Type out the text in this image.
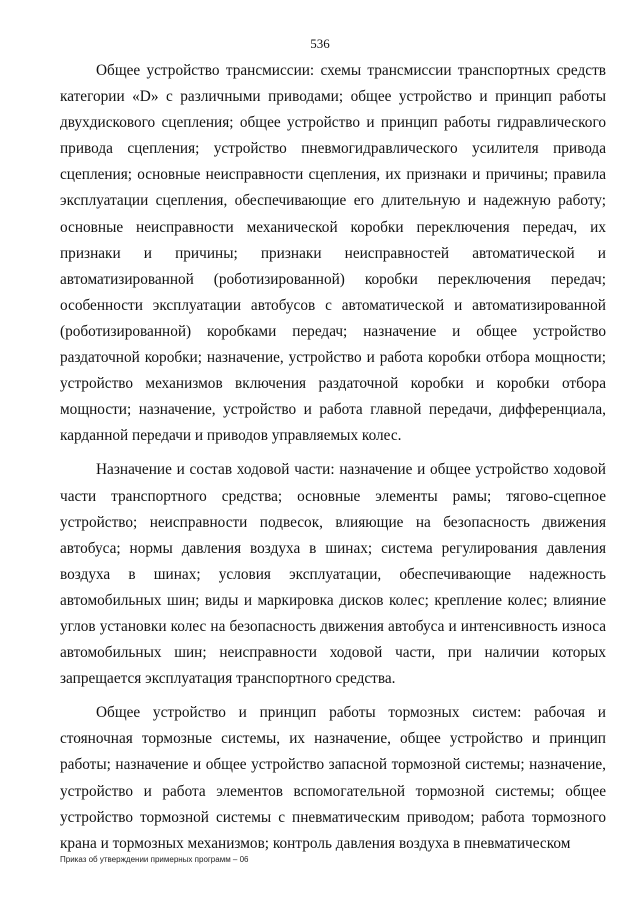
536

Общее устройство трансмиссии: схемы трансмиссии транспортных средств категории «D» с различными приводами; общее устройство и принцип работы двухдискового сцепления; общее устройство и принцип работы гидравлического привода сцепления; устройство пневмогидравлического усилителя привода сцепления; основные неисправности сцепления, их признаки и причины; правила эксплуатации сцепления, обеспечивающие его длительную и надежную работу; основные неисправности механической коробки переключения передач, их признаки и причины; признаки неисправностей автоматической и автоматизированной (роботизированной) коробки переключения передач; особенности эксплуатации автобусов с автоматической и автоматизированной (роботизированной) коробками передач; назначение и общее устройство раздаточной коробки; назначение, устройство и работа коробки отбора мощности; устройство механизмов включения раздаточной коробки и коробки отбора мощности; назначение, устройство и работа главной передачи, дифференциала, карданной передачи и приводов управляемых колес.

Назначение и состав ходовой части: назначение и общее устройство ходовой части транспортного средства; основные элементы рамы; тягово-сцепное устройство; неисправности подвесок, влияющие на безопасность движения автобуса; нормы давления воздуха в шинах; система регулирования давления воздуха в шинах; условия эксплуатации, обеспечивающие надежность автомобильных шин; виды и маркировка дисков колес; крепление колес; влияние углов установки колес на безопасность движения автобуса и интенсивность износа автомобильных шин; неисправности ходовой части, при наличии которых запрещается эксплуатация транспортного средства.

Общее устройство и принцип работы тормозных систем: рабочая и стояночная тормозные системы, их назначение, общее устройство и принцип работы; назначение и общее устройство запасной тормозной системы; назначение, устройство и работа элементов вспомогательной тормозной системы; общее устройство тормозной системы с пневматическим приводом; работа тормозного крана и тормозных механизмов; контроль давления воздуха в пневматическом

Приказ об утверждении примерных программ – 06
